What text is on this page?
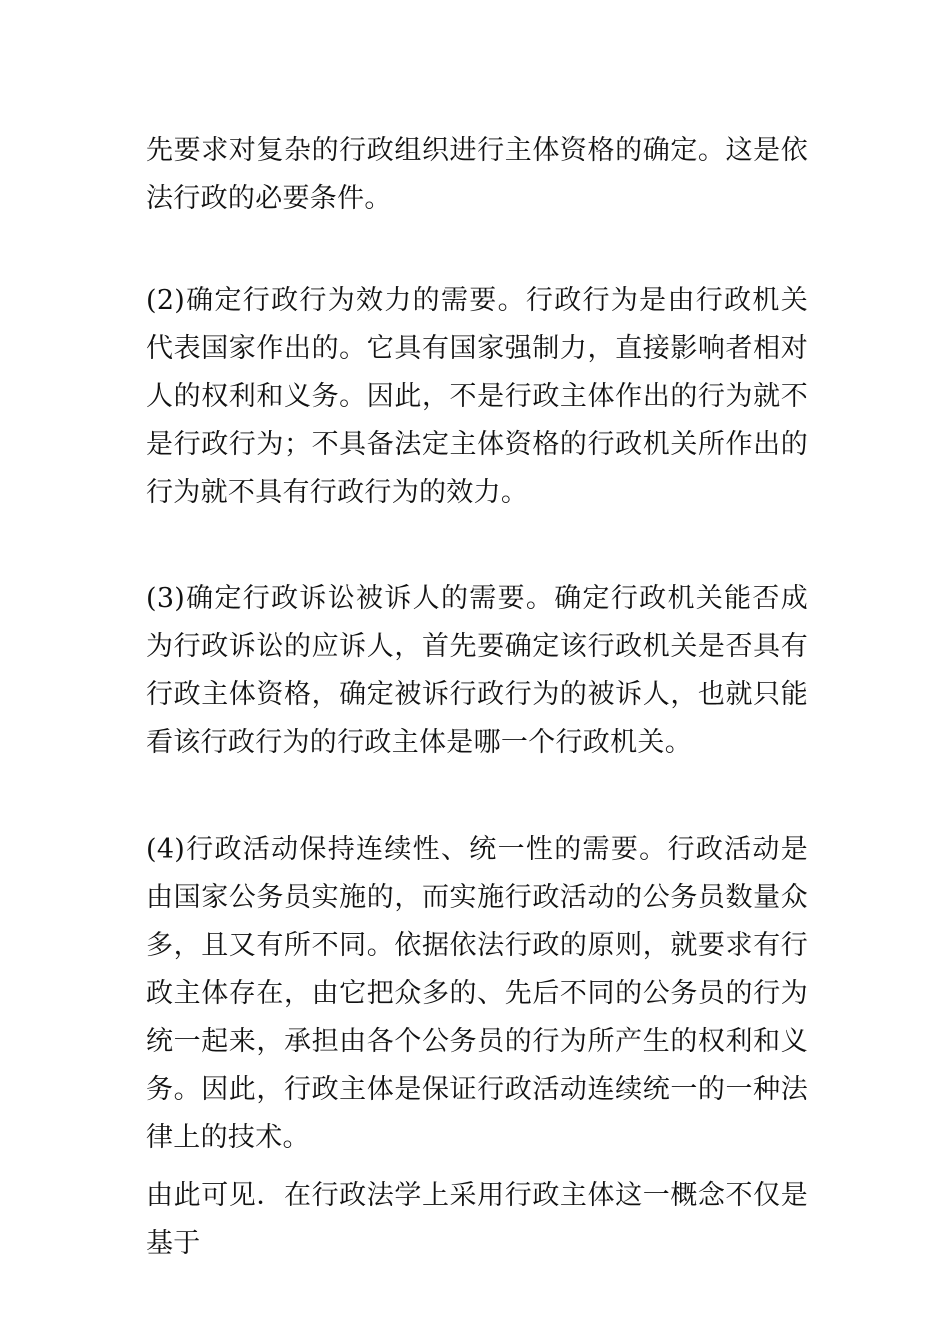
先要求对复杂的行政组织进行主体资格的确定。这是依法行政的必要条件。

(2)确定行政行为效力的需要。行政行为是由行政机关代表国家作出的。它具有国家强制力，直接影响者相对人的权利和义务。因此，不是行政主体作出的行为就不是行政行为；不具备法定主体资格的行政机关所作出的行为就不具有行政行为的效力。

(3)确定行政诉讼被诉人的需要。确定行政机关能否成为行政诉讼的应诉人，首先要确定该行政机关是否具有行政主体资格，确定被诉行政行为的被诉人，也就只能看该行政行为的行政主体是哪一个行政机关。

(4)行政活动保持连续性、统一性的需要。行政活动是由国家公务员实施的，而实施行政活动的公务员数量众多，且又有所不同。依据依法行政的原则，就要求有行政主体存在，由它把众多的、先后不同的公务员的行为统一起来，承担由各个公务员的行为所产生的权利和义务。因此，行政主体是保证行政活动连续统一的一种法律上的技术。

由此可见．在行政法学上采用行政主体这一概念不仅是基于
